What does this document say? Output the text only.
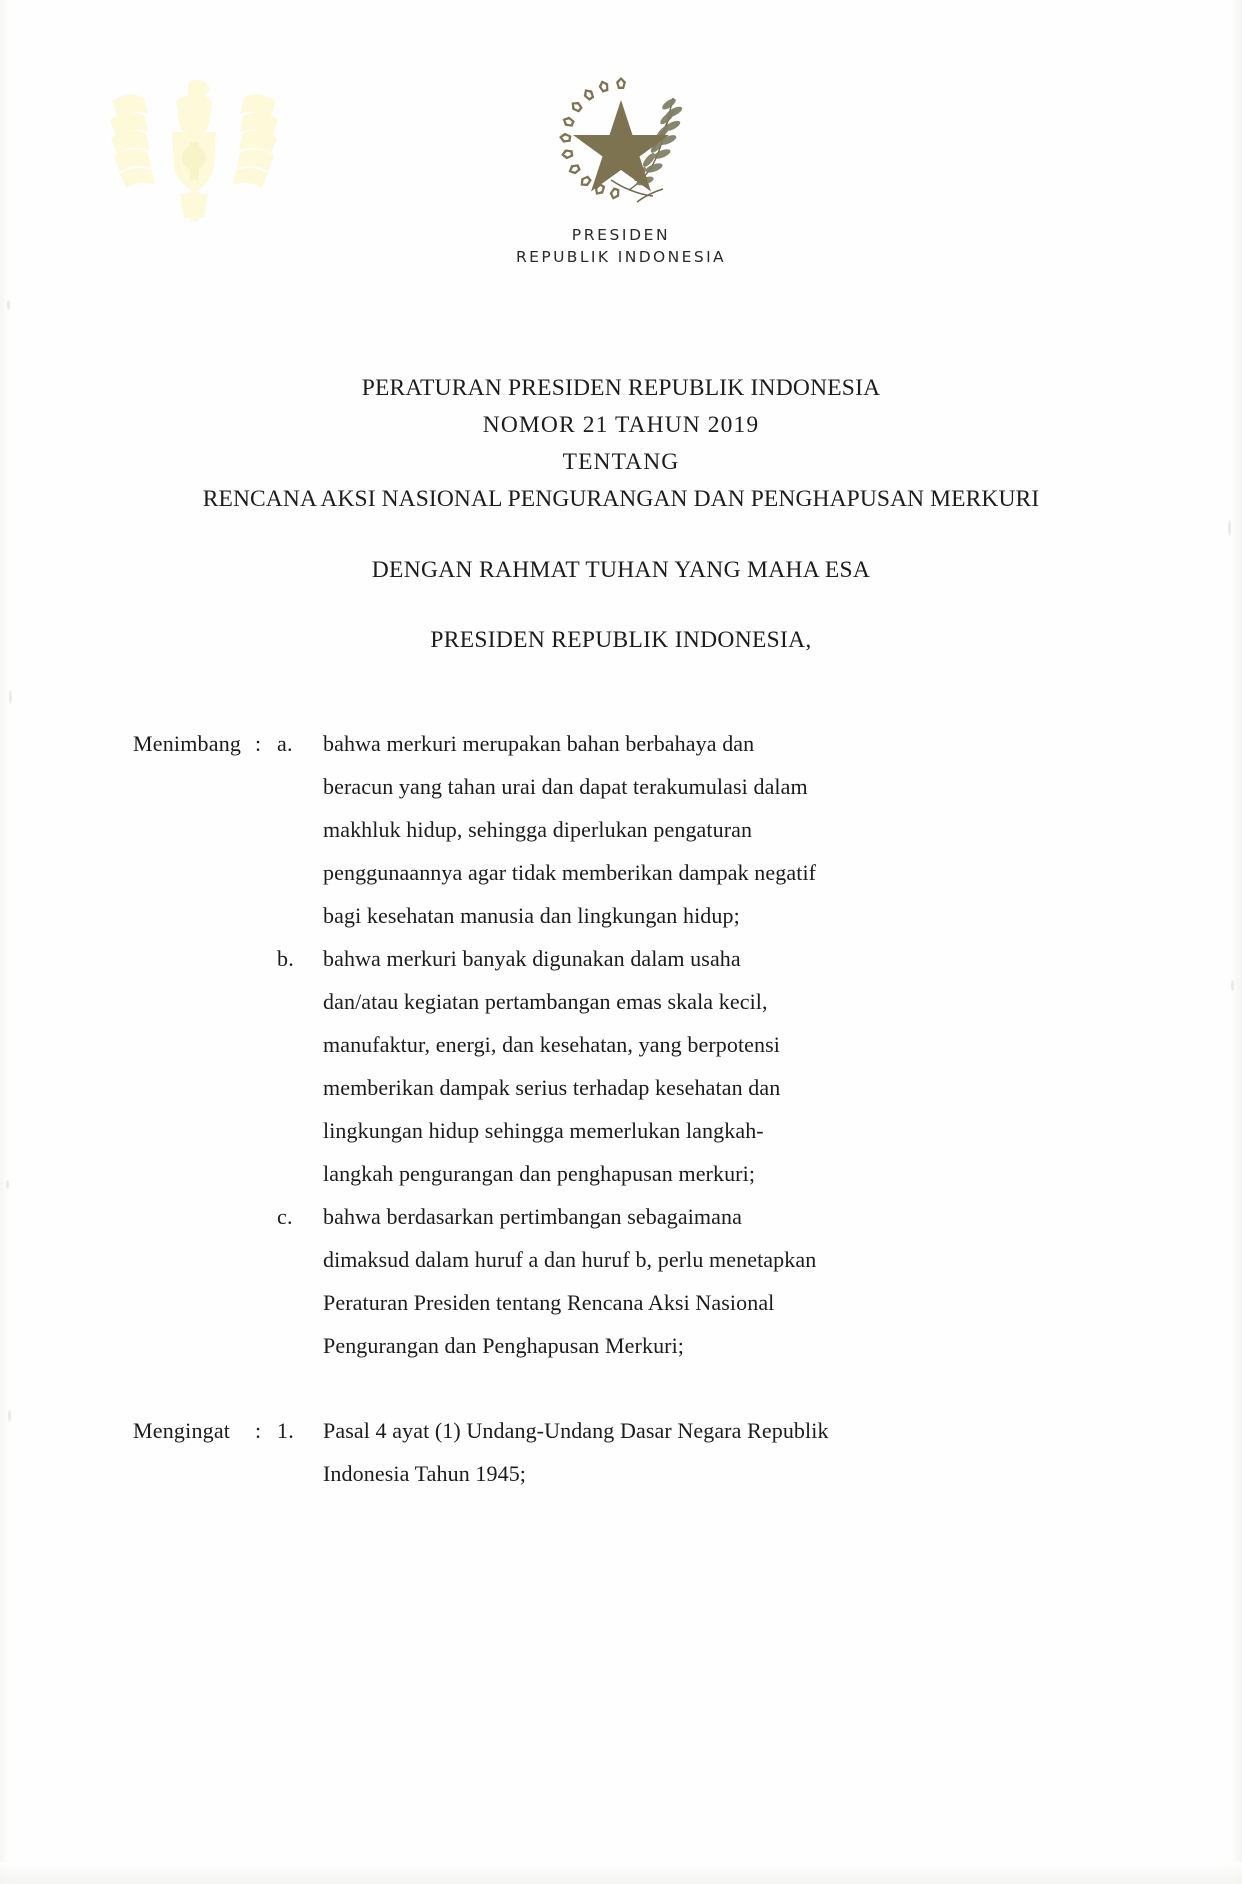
PRESIDEN
REPUBLIK INDONESIA
PERATURAN PRESIDEN REPUBLIK INDONESIA
NOMOR 21 TAHUN 2019
TENTANG
RENCANA AKSI NASIONAL PENGURANGAN DAN PENGHAPUSAN MERKURI
DENGAN RAHMAT TUHAN YANG MAHA ESA
PRESIDEN REPUBLIK INDONESIA,
Menimbang : a.	bahwa merkuri merupakan bahan berbahaya dan
beracun yang tahan urai dan dapat terakumulasi dalam
makhluk hidup, sehingga diperlukan pengaturan
penggunaannya agar tidak memberikan dampak negatif
bagi kesehatan manusia dan lingkungan hidup;
b.	bahwa merkuri banyak digunakan dalam usaha
dan/atau kegiatan pertambangan emas skala kecil,
manufaktur, energi, dan kesehatan, yang berpotensi
memberikan dampak serius terhadap kesehatan dan
lingkungan hidup sehingga memerlukan langkah-
langkah pengurangan dan penghapusan merkuri;
c.	bahwa berdasarkan pertimbangan sebagaimana
dimaksud dalam huruf a dan huruf b, perlu menetapkan
Peraturan Presiden tentang Rencana Aksi Nasional
Pengurangan dan Penghapusan Merkuri;
Mengingat	: 1.	Pasal 4 ayat (1) Undang-Undang Dasar Negara Republik
Indonesia Tahun 1945;
